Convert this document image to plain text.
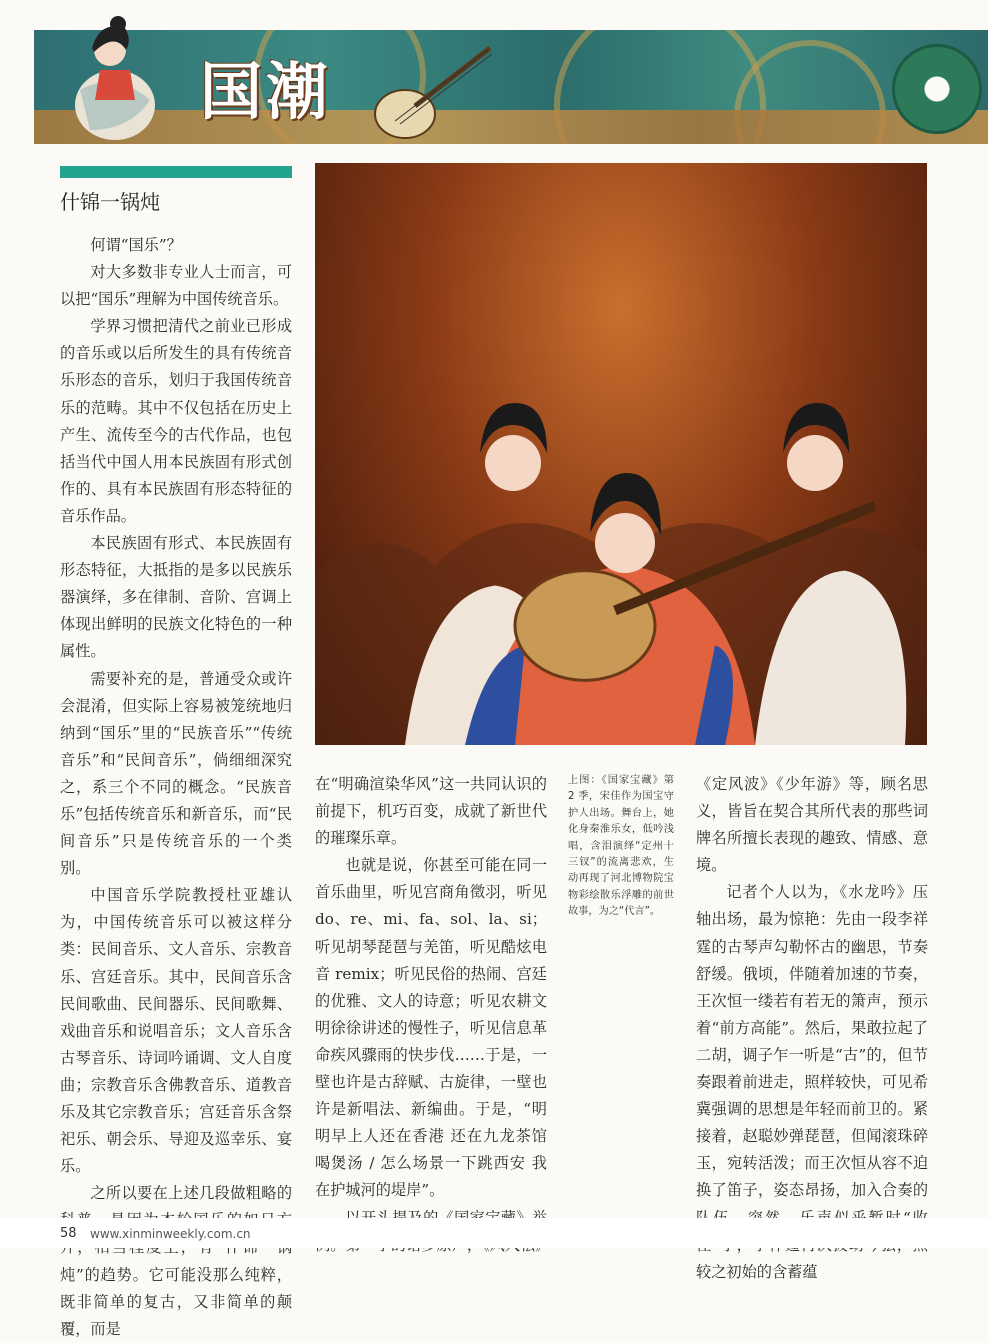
国潮
什锦一锅炖

何谓“国乐”？

对大多数非专业人士而言，可以把“国乐”理解为中国传统音乐。

学界习惯把清代之前业已形成的音乐或以后所发生的具有传统音乐形态的音乐，划归于我国传统音乐的范畴。其中不仅包括在历史上产生、流传至今的古代作品，也包括当代中国人用本民族固有形式创作的、具有本民族固有形态特征的音乐作品。

本民族固有形式、本民族固有形态特征，大抵指的是多以民族乐器演绎，多在律制、音阶、宫调上体现出鲜明的民族文化特色的一种属性。

需要补充的是，普通受众或许会混淆，但实际上容易被笼统地归纳到“国乐”里的“民族音乐”“传统音乐”和“民间音乐”，倘细细深究之，系三个不同的概念。“民族音乐”包括传统音乐和新音乐，而“民间音乐”只是传统音乐的一个类别。

中国音乐学院教授杜亚雄认为，中国传统音乐可以被这样分类：民间音乐、文人音乐、宗教音乐、宫廷音乐。其中，民间音乐含民间歌曲、民间器乐、民间歌舞、戏曲音乐和说唱音乐；文人音乐含古琴音乐、诗词吟诵调、文人自度曲；宗教音乐含佛教音乐、道教音乐及其它宗教音乐；宫廷音乐含祭祀乐、朝会乐、导迎及巡幸乐、宴乐。

之所以要在上述几段做粗略的 炖”的趋势。它可能没那么纯粹，既非简单的复古，又非简单的颠覆，而是

在“明确渲染华风”这一共同认识的前提下，机巧百变，成就了新世代的璀璨乐章。

也就是说，你甚至可能在同一首乐曲里，听见宫商角徵羽，听见 do、re、mi、fa、sol、la、si；听见胡琴琵琶与羌笛，听见酷炫电音 remix；听见民俗的热闹、宫廷的优雅、文人的诗意；听见农耕文明徐徐讲述的慢性子，听见信息革命疾风骤雨的快步伐……于是，一壁也许是古辞赋、古旋律，一壁也许是新唱法、新编曲。于是，“明明早上人还在香港 还在九龙茶馆喝煲汤 / 怎么场景一下跳西安 我在护城河的堤岸”。

上图：《国家宝藏》第 2 季，宋佳作为国宝守护人出场。舞台上，她化身秦淮乐女，低吟浅唱，含泪演绎“定州十三钗”的流离悲欢，生动再现了河北博物院宝物彩绘散乐浮雕的前世故事，为之“代言”。

《定风波》《少年游》等，顾名思义，皆旨在契合其所代表的那些词牌名所擅长表现的趣致、情感、意境。

记者个人以为，《水龙吟》压轴出场，最为惊艳：先由一段李祥霆的古琴声勾勒怀古的幽思，节奏舒缓。俄顷，伴随着加速的节奏，王次恒一缕若有若无的箫声，预示着“前方高能”。然后，果敢拉起了二胡，调子乍一听是“古”的，但节奏跟着前进走，照样较快，可见希冀强调的思想是年轻而前卫的。紧接着，赵聪妙弹琵琶，但闻滚珠碎玉，宛转活泼；而王次恒从容不迫换了笛子，姿态昂扬，加入合奏的 较之初始的含蓄蕴

58 www.xinminweekly.com.cn
